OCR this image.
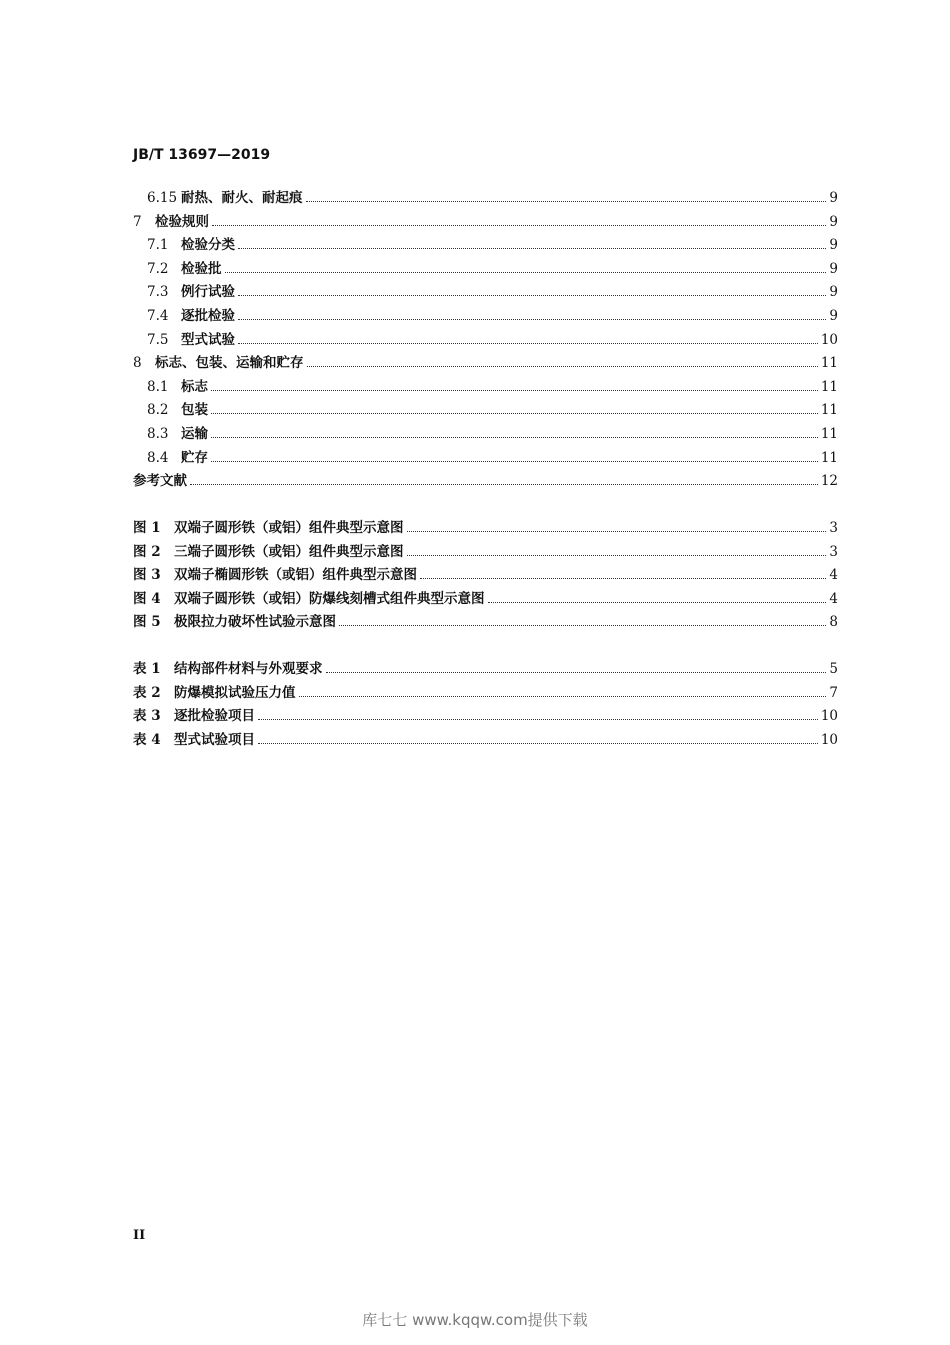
JB/T 13697—2019
6.15 耐热、耐火、耐起痕	9
7 检验规则	9
7.1 检验分类	9
7.2 检验批	9
7.3 例行试验	9
7.4 逐批检验	9
7.5 型式试验	10
8 标志、包装、运输和贮存	11
8.1 标志	11
8.2 包装	11
8.3 运输	11
8.4 贮存	11
参考文献	12
图 1 双端子圆形铁（或铝）组件典型示意图	3
图 2 三端子圆形铁（或铝）组件典型示意图	3
图 3 双端子椭圆形铁（或铝）组件典型示意图	4
图 4 双端子圆形铁（或铝）防爆线刻槽式组件典型示意图	4
图 5 极限拉力破坏性试验示意图	8
表 1 结构部件材料与外观要求	5
表 2 防爆模拟试验压力值	7
表 3 逐批检验项目	10
表 4 型式试验项目	10
II
库七七 www.kqqw.com提供下载
